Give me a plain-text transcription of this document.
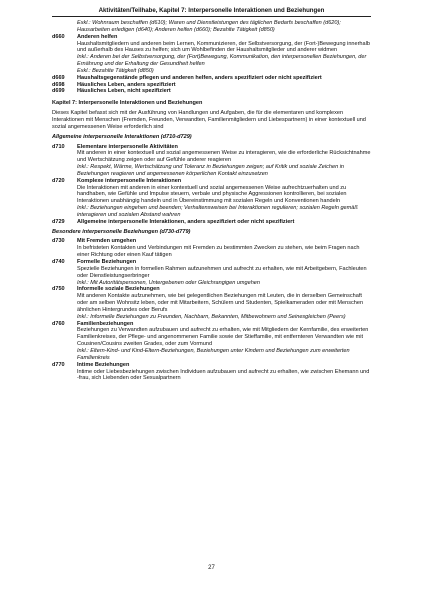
Aktivitäten/Teilhabe, Kapitel 7: Interpersonelle Interaktionen und Beziehungen
Exkl.: Wohnraum beschaffen (d610); Waren und Dienstleistungen des täglichen Bedarfs beschaffen (d620); Hausarbeiten erledigen (d640); Anderen helfen (d660); Bezahlte Tätigkeit (d850)
d660	Anderen helfen
Haushaltsmitgliedern und anderen beim Lernen, Kommunizieren, der Selbstversorgung, der (Fort-)Bewegung innerhalb und außerhalb des Hauses zu helfen; sich um Wohlbefinden der Haushaltsmitglieder und anderer widmen
Inkl.: Anderen bei der Selbstversorgung, der (Fort)Bewegung, Kommunikation, den interpersonellen Beziehungen, der Ernährung und der Erhaltung der Gesundheit helfen
Exkl.: Bezahlte Tätigkeit (d850)
d669	Haushaltsgegenstände pflegen und anderen helfen, anders spezifiziert oder nicht spezifiziert
d698	Häusliches Leben, anders spezifiziert
d699	Häusliches Leben, nicht spezifiziert
Kapitel 7: Interpersonelle Interaktionen und Beziehungen
Dieses Kapitel befasst sich mit der Ausführung von Handlungen und Aufgaben, die für die elementaren und komplexen Interaktionen mit Menschen (Fremden, Freunden, Verwandten, Familienmitgliedern und Liebespartnern) in einer kontextuell und sozial angemessenen Weise erforderlich sind
Allgemeine interpersonelle Interaktionen (d710-d729)
d710	Elementare interpersonelle Aktivitäten
Mit anderen in einer kontextuell und sozial angemessenen Weise zu interagieren, wie die erforderliche Rücksichtnahme und Wertschätzung zeigen oder auf Gefühle anderer reagieren
Inkl.: Respekt, Wärme, Wertschätzung und Toleranz in Beziehungen zeigen; auf Kritik und soziale Zeichen in Beziehungen reagieren und angemessenen körperlichen Kontakt einzusetzen
d720	Komplexe interpersonelle Interaktionen
Die Interaktionen mit anderen in einer kontextuell und sozial angemessenen Weise aufrechtzuerhalten und zu handhaben, wie Gefühle und Impulse steuern, verbale und physische Aggressionen kontrollieren, bei sozialen Interaktionen unabhängig handeln und in Übereinstimmung mit sozialen Regeln und Konventionen handeln
Inkl.: Beziehungen eingehen und beenden; Verhaltensweisen bei Interaktionen regulieren; sozialen Regeln gemäß interagieren und sozialen Abstand wahren
d729	Allgemeine interpersonelle Interaktionen, anders spezifiziert oder nicht spezifiziert
Besondere interpersonelle Beziehungen (d730-d779)
d730	Mit Fremden umgehen
In befristeten Kontakten und Verbindungen mit Fremden zu bestimmten Zwecken zu stehen, wie beim Fragen nach einer Richtung oder einen Kauf tätigen
d740	Formelle Beziehungen
Spezielle Beziehungen in formellen Rahmen aufzunehmen und aufrecht zu erhalten, wie mit Arbeitgebern, Fachleuten oder Dienstleistungserbringer
Inkl.: Mit Autoritätspersonen, Untergebenen oder Gleichrangigen umgehen
d750	Informelle soziale Beziehungen
Mit anderen Kontakte aufzunehmen, wie bei gelegentlichen Beziehungen mit Leuten, die in derselben Gemeinschaft oder am selben Wohnsitz leben, oder mit Mitarbeitern, Schülern und Studenten, Spielkameraden oder mit Menschen ähnlichen Hintergrundes oder Berufs
Inkl.: Informelle Beziehungen zu Freunden, Nachbarn, Bekannten, Mitbewohnern und Seinesgleichen (Peers)
d760	Familienbeziehungen
Beziehungen zu Verwandten aufzubauen und aufrecht zu erhalten, wie mit Mitgliedern der Kernfamilie, des erweiterten Familienkreises, der Pflege- und angenommenen Familie sowie der Stieffamilie, mit entfernteren Verwandten wie mit Cousinen/Cousins zweiten Grades, oder zum Vormund
Inkl.: Eltern-Kind- und Kind-Eltern-Beziehungen, Beziehungen unter Kindern und Beziehungen zum erweiterten Familienkreis
d770	Intime Beziehungen
Intime oder Liebesbeziehungen zwischen Individuen aufzubauen und aufrecht zu erhalten, wie zwischen Ehemann und -frau, sich Liebenden oder Sexualpartnern
27
